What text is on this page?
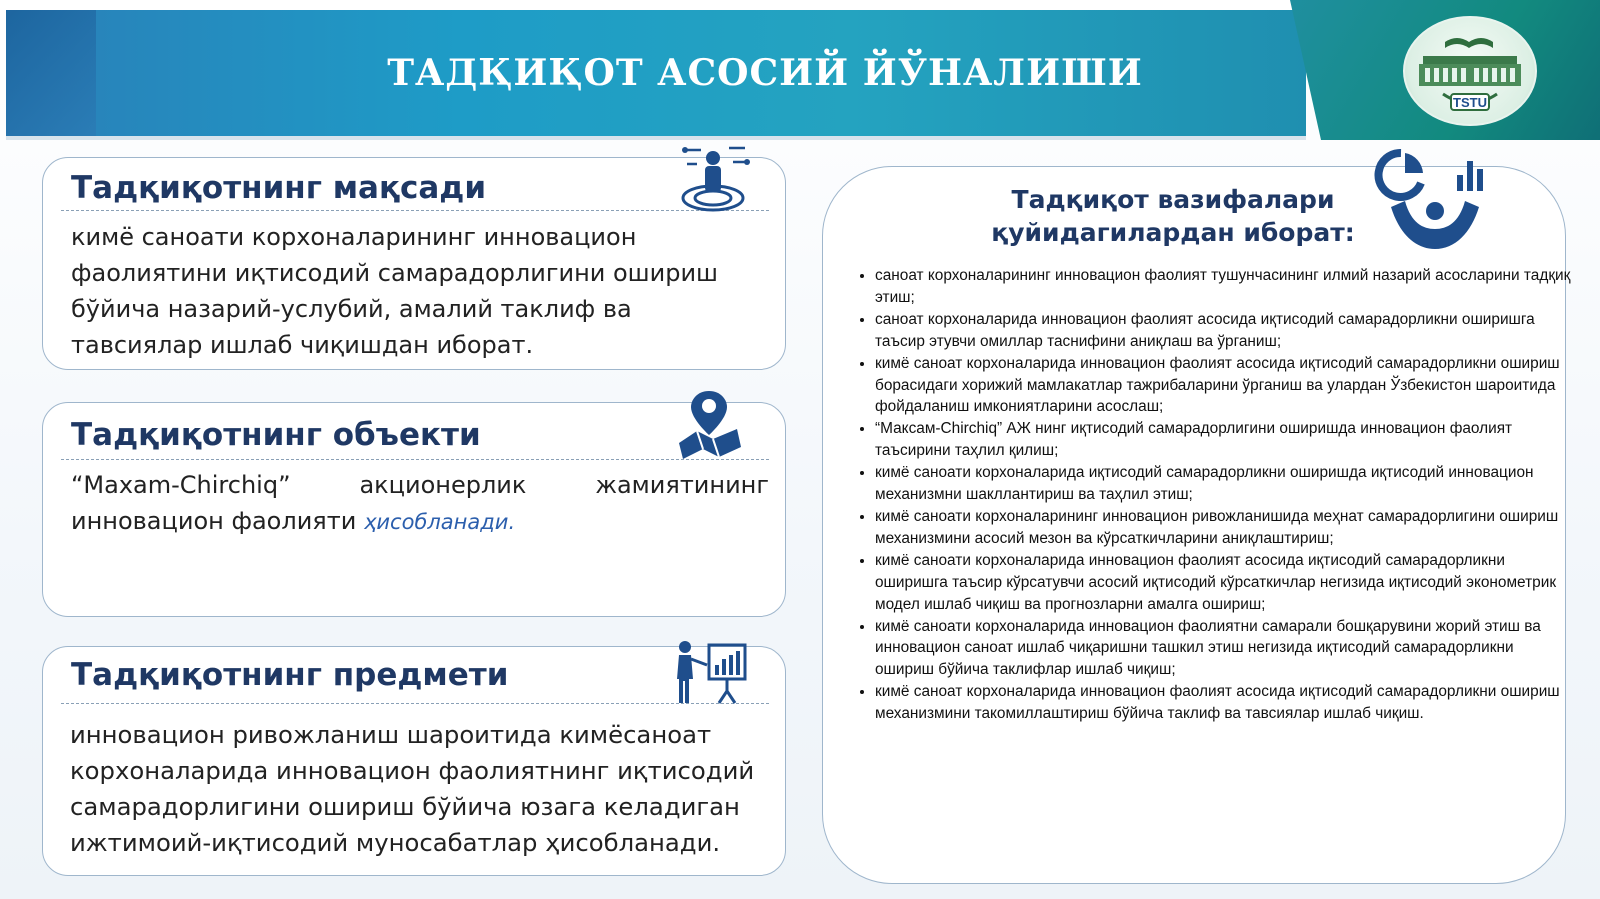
ТАДҚИҚОТ АСОСИЙ ЙЎНАЛИШИ
TSTU
Тадқиқотнинг мақсади
кимё саноати корхоналарининг инновацион фаолиятини иқтисодий самарадорлигини ошириш бўйича назарий-услубий, амалий таклиф ва тавсиялар ишлаб чиқишдан иборат.
Тадқиқотнинг объекти
“Maxam-Chirchiq”	акционерлик	жамиятининг
инновацион фаолияти ҳисобланади.
Тадқиқотнинг предмети
инновацион ривожланиш шароитида кимёсаноат корхоналарида инновацион фаолиятнинг иқтисодий самарадорлигини ошириш бўйича юзага келадиган ижтимоий-иқтисодий муносабатлар ҳисобланади.
Тадқиқот вазифалари
қуйидагилардан иборат:
• саноат корхоналарининг инновацион фаолият тушунчасининг илмий назарий асосларини тадқиқ этиш;
• саноат корхоналарида инновацион фаолият асосида иқтисодий самарадорликни оширишга таъсир этувчи омиллар таснифини аниқлаш ва ўрганиш;
• кимё саноат корхоналарида инновацион фаолият асосида иқтисодий самарадорликни ошириш борасидаги хорижий мамлакатлар тажрибаларини ўрганиш ва улардан Ўзбекистон шароитида фойдаланиш имкониятларини асослаш;
• “Максам-Chirchiq” АЖ нинг иқтисодий самарадорлигини оширишда инновацион фаолият таъсирини таҳлил қилиш;
• кимё саноати корхоналарида иқтисодий самарадорликни оширишда иқтисодий инновацион механизмни шакллантириш ва таҳлил этиш;
• кимё саноати корхоналарининг инновацион ривожланишида меҳнат самарадорлигини ошириш механизмини асосий мезон ва кўрсаткичларини аниқлаштириш;
• кимё саноати корхоналарида инновацион фаолият асосида иқтисодий самарадорликни оширишга таъсир кўрсатувчи асосий иқтисодий кўрсаткичлар негизида иқтисодий эконометрик модел ишлаб чиқиш ва прогнозларни амалга ошириш;
• кимё саноати корхоналарида инновацион фаолиятни самарали бошқарувини жорий этиш ва инновацион саноат ишлаб чиқаришни ташкил этиш негизида иқтисодий самарадорликни ошириш бўйича таклифлар ишлаб чиқиш;
• кимё саноат корхоналарида инновацион фаолият асосида иқтисодий самарадорликни ошириш механизмини такомиллаштириш бўйича таклиф ва тавсиялар ишлаб чиқиш.
